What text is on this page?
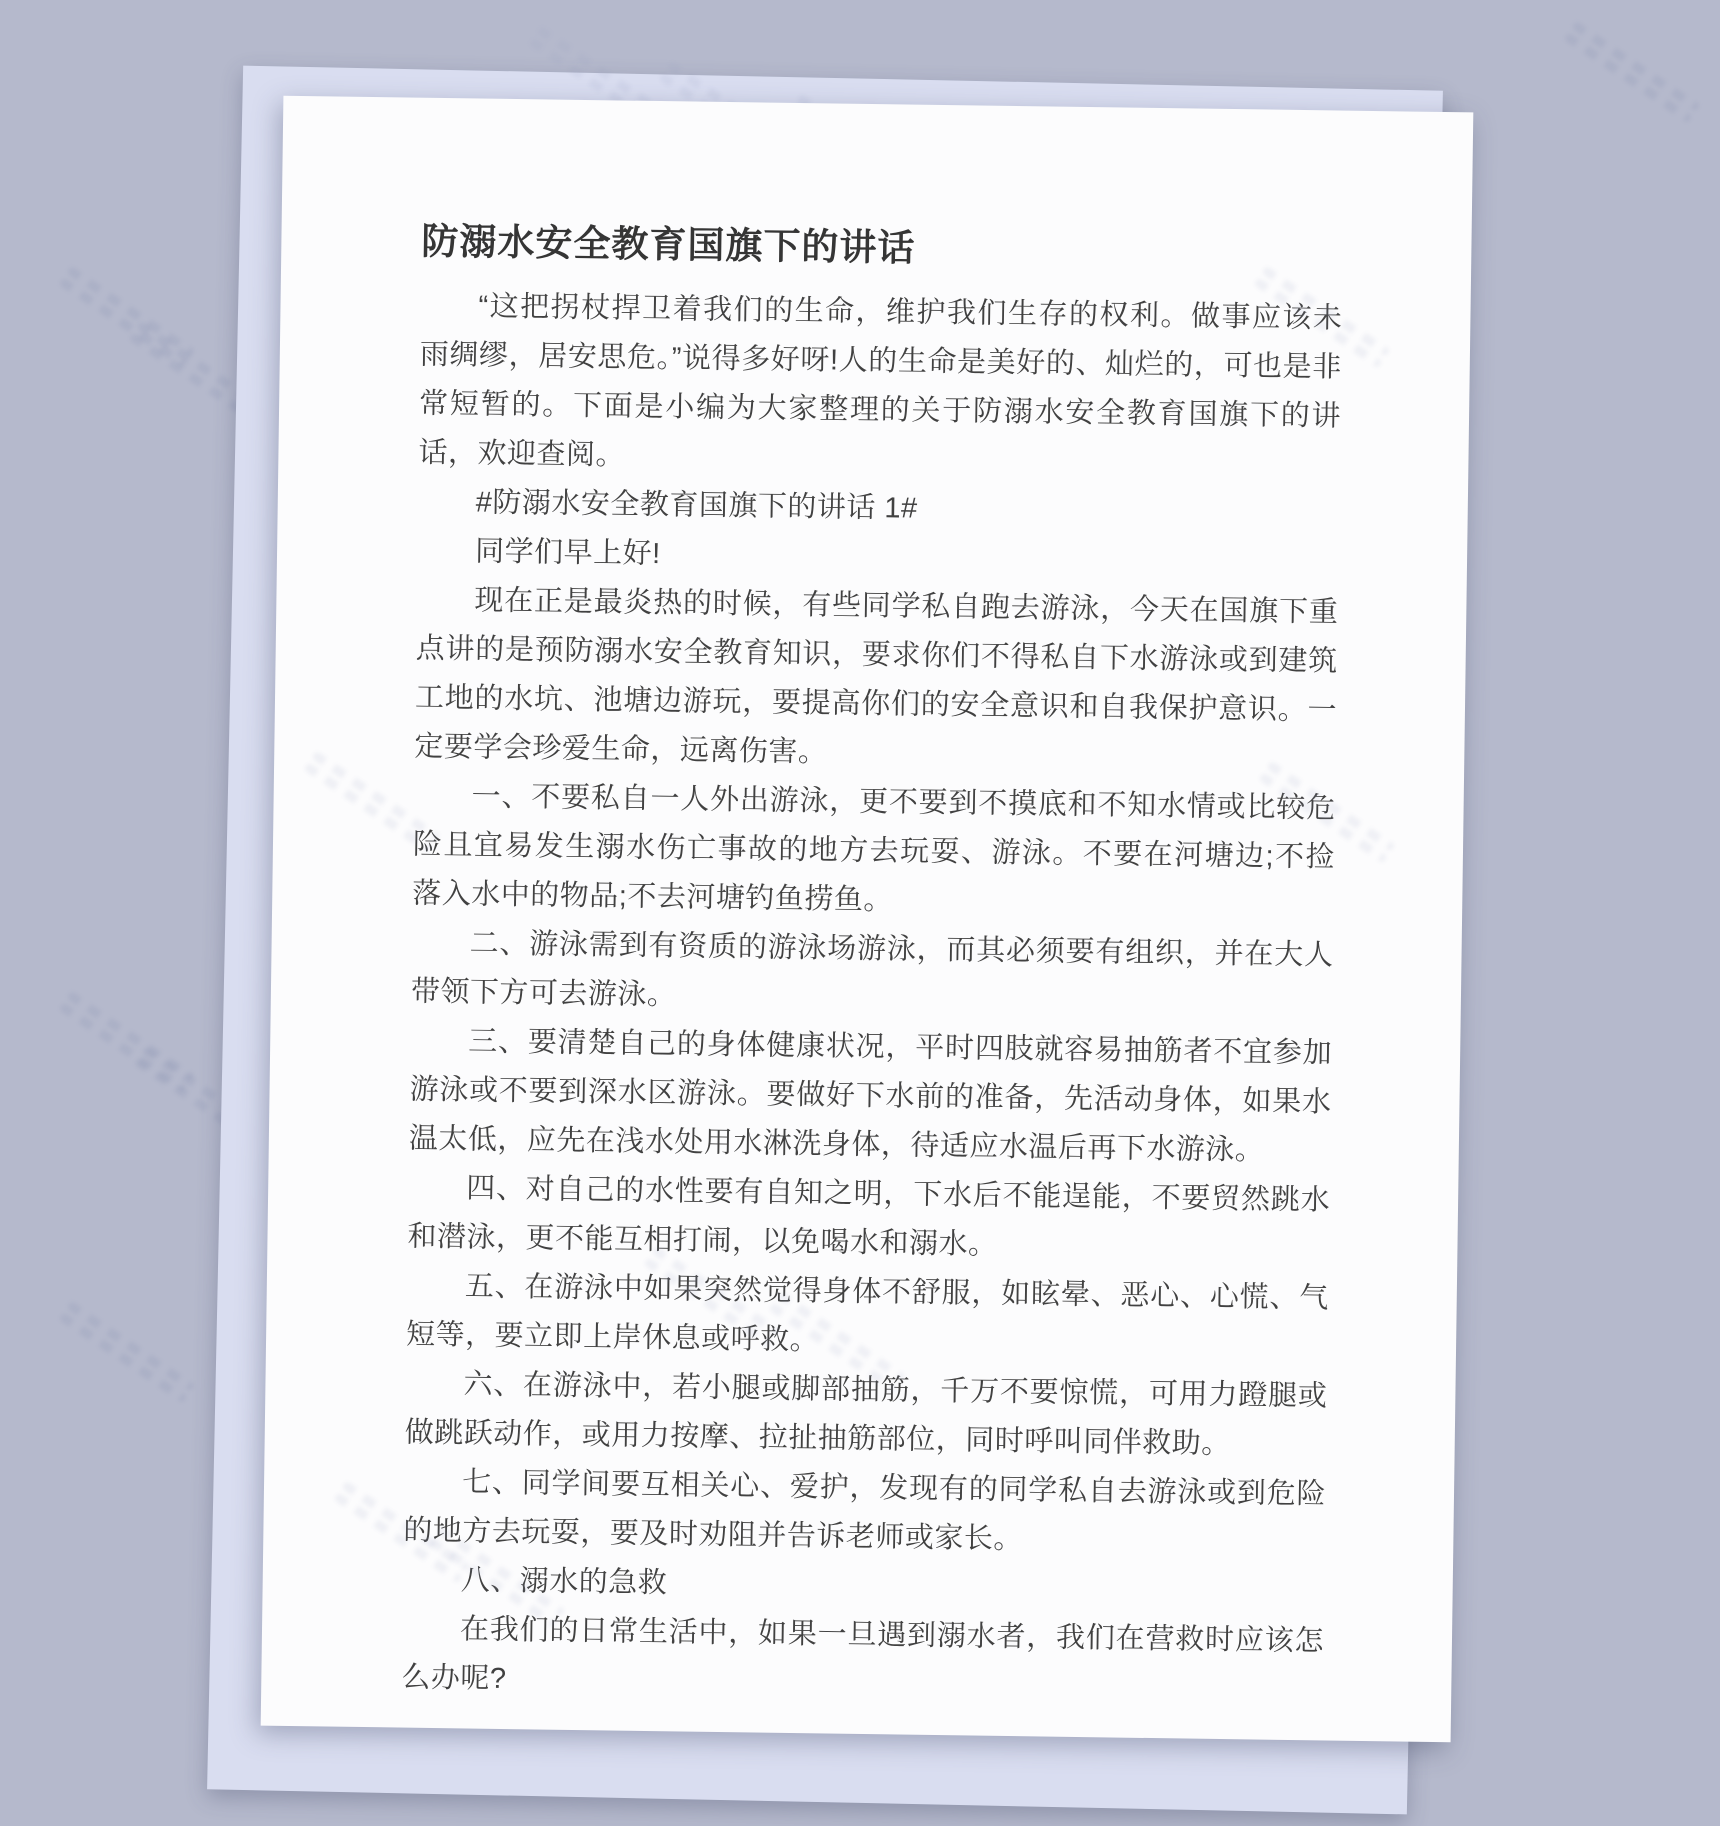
防溺水安全教育国旗下的讲话

“这把拐杖捍卫着我们的生命，维护我们生存的权利。做事应该未雨绸缪，居安思危。”说得多好呀!人的生命是美好的、灿烂的，可也是非常短暂的。下面是小编为大家整理的关于防溺水安全教育国旗下的讲话，欢迎查阅。

#防溺水安全教育国旗下的讲话 1#

同学们早上好!

现在正是最炎热的时候，有些同学私自跑去游泳，今天在国旗下重点讲的是预防溺水安全教育知识，要求你们不得私自下水游泳或到建筑工地的水坑、池塘边游玩，要提高你们的安全意识和自我保护意识。一定要学会珍爱生命，远离伤害。

一、不要私自一人外出游泳，更不要到不摸底和不知水情或比较危险且宜易发生溺水伤亡事故的地方去玩耍、游泳。不要在河塘边;不捡落入水中的物品;不去河塘钓鱼捞鱼。

二、游泳需到有资质的游泳场游泳，而其必须要有组织，并在大人带领下方可去游泳。

三、要清楚自己的身体健康状况，平时四肢就容易抽筋者不宜参加游泳或不要到深水区游泳。要做好下水前的准备，先活动身体，如果水温太低，应先在浅水处用水淋洗身体，待适应水温后再下水游泳。

四、对自己的水性要有自知之明，下水后不能逞能，不要贸然跳水和潜泳，更不能互相打闹，以免喝水和溺水。

五、在游泳中如果突然觉得身体不舒服，如眩晕、恶心、心慌、气短等，要立即上岸休息或呼救。

六、在游泳中，若小腿或脚部抽筋，千万不要惊慌，可用力蹬腿或做跳跃动作，或用力按摩、拉扯抽筋部位，同时呼叫同伴救助。

七、同学间要互相关心、爱护，发现有的同学私自去游泳或到危险的地方去玩耍，要及时劝阻并告诉老师或家长。

八、溺水的急救

在我们的日常生活中，如果一旦遇到溺水者，我们在营救时应该怎么办呢?
